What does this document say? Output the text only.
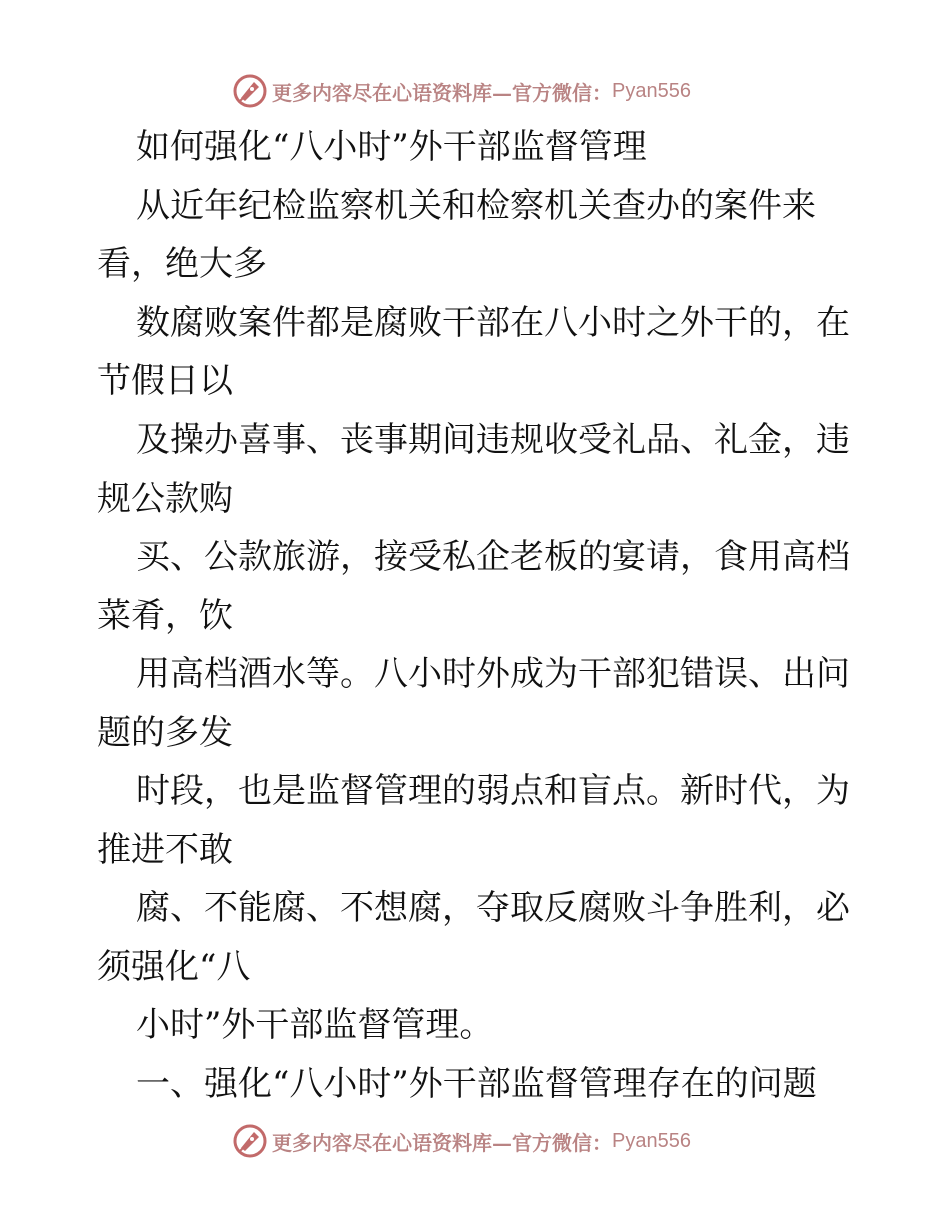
更多内容尽在心语资料库—官方微信： Pyan556
如何强化“八小时”外干部监督管理
从近年纪检监察机关和检察机关查办的案件来
看，绝大多
数腐败案件都是腐败干部在八小时之外干的，在
节假日以
及操办喜事、丧事期间违规收受礼品、礼金，违
规公款购
买、公款旅游，接受私企老板的宴请，食用高档
菜肴，饮
用高档酒水等。八小时外成为干部犯错误、出问
题的多发
时段，也是监督管理的弱点和盲点。新时代，为
推进不敢
腐、不能腐、不想腐，夺取反腐败斗争胜利，必
须强化“八
小时”外干部监督管理。
一、强化“八小时”外干部监督管理存在的问题
更多内容尽在心语资料库—官方微信： Pyan556
